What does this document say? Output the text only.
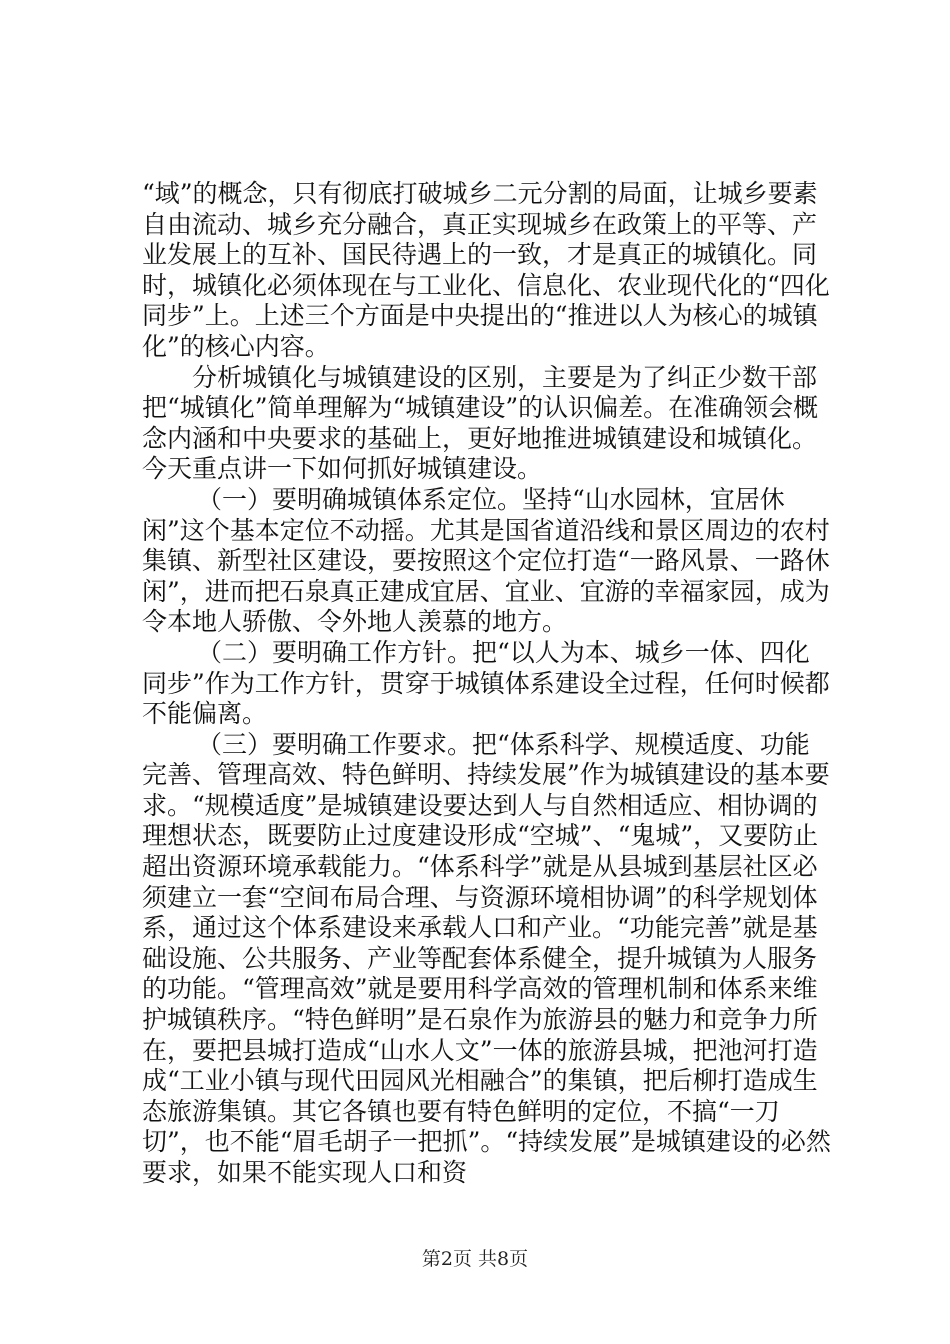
“域”的概念，只有彻底打破城乡二元分割的局面，让城乡要素自由流动、城乡充分融合，真正实现城乡在政策上的平等、产业发展上的互补、国民待遇上的一致，才是真正的城镇化。同时，城镇化必须体现在与工业化、信息化、农业现代化的“四化同步”上。上述三个方面是中央提出的“推进以人为核心的城镇化”的核心内容。

分析城镇化与城镇建设的区别，主要是为了纠正少数干部把“城镇化”简单理解为“城镇建设”的认识偏差。在准确领会概念内涵和中央要求的基础上，更好地推进城镇建设和城镇化。今天重点讲一下如何抓好城镇建设。

（一）要明确城镇体系定位。坚持“山水园林，宜居休闲”这个基本定位不动摇。尤其是国省道沿线和景区周边的农村集镇、新型社区建设，要按照这个定位打造“一路风景、一路休闲”，进而把石泉真正建成宜居、宜业、宜游的幸福家园，成为令本地人骄傲、令外地人羡慕的地方。

（二）要明确工作方针。把“以人为本、城乡一体、四化同步”作为工作方针，贯穿于城镇体系建设全过程，任何时候都不能偏离。

（三）要明确工作要求。把“体系科学、规模适度、功能完善、管理高效、特色鲜明、持续发展”作为城镇建设的基本要求。“规模适度”是城镇建设要达到人与自然相适应、相协调的理想状态，既要防止过度建设形成“空城”、“鬼城”，又要防止超出资源环境承载能力。“体系科学”就是从县城到基层社区必须建立一套“空间布局合理、与资源环境相协调”的科学规划体系，通过这个体系建设来承载人口和产业。“功能完善”就是基础设施、公共服务、产业等配套体系健全，提升城镇为人服务的功能。“管理高效”就是要用科学高效的管理机制和体系来维护城镇秩序。“特色鲜明”是石泉作为旅游县的魅力和竞争力所在，要把县城打造成“山水人文”一体的旅游县城，把池河打造成“工业小镇与现代田园风光相融合”的集镇，把后柳打造成生态旅游集镇。其它各镇也要有特色鲜明的定位，不搞“一刀切”，也不能“眉毛胡子一把抓”。“持续发展”是城镇建设的必然要求，如果不能实现人口和资

第2页 共8页
